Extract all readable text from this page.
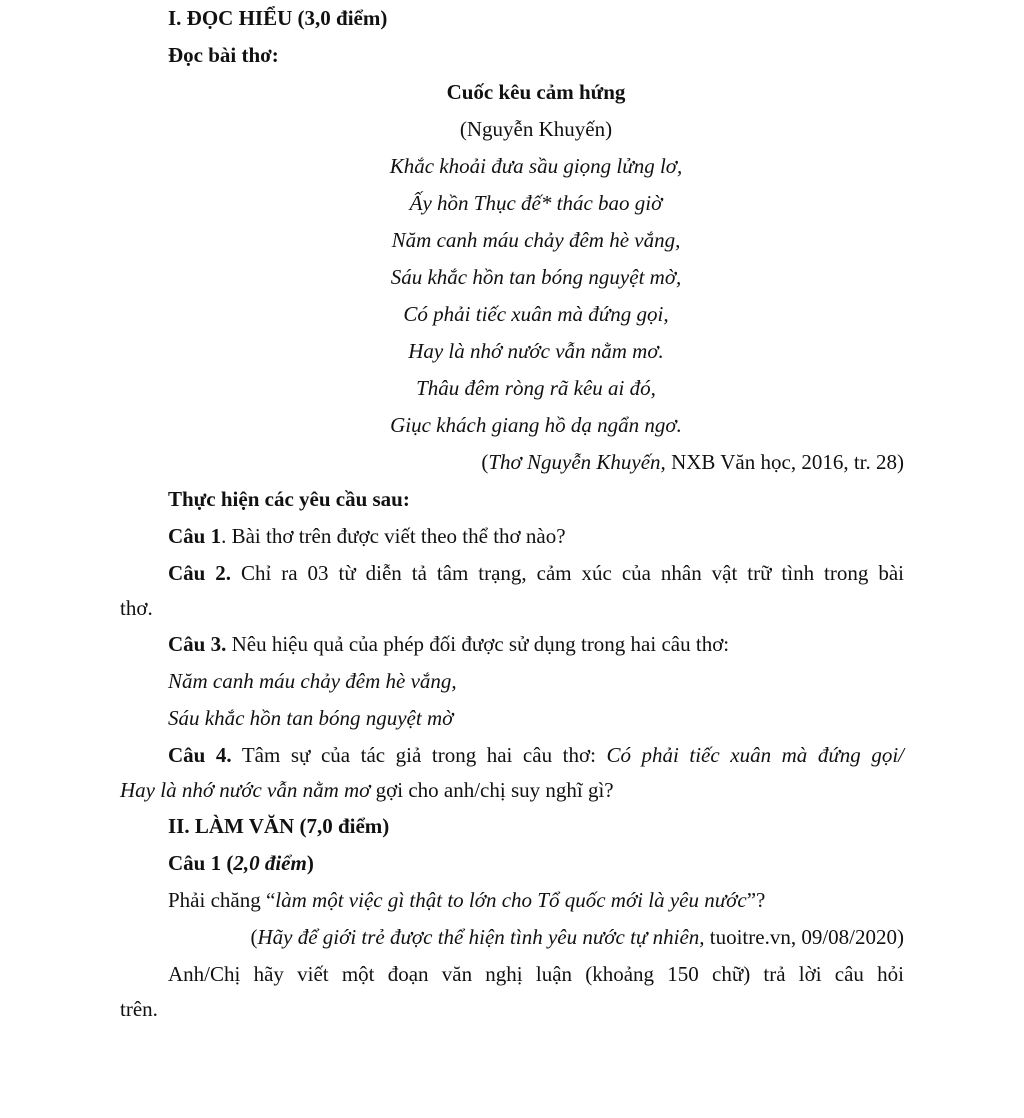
I. ĐỌC HIỂU (3,0 điểm)
Đọc bài thơ:
Cuốc kêu cảm hứng
(Nguyễn Khuyến)
Khắc khoải đưa sầu giọng lửng lơ,
Ấy hồn Thục đế* thác bao giờ
Năm canh máu chảy đêm hè vắng,
Sáu khắc hồn tan bóng nguyệt mờ,
Có phải tiếc xuân mà đứng gọi,
Hay là nhớ nước vẫn nằm mơ.
Thâu đêm ròng rã kêu ai đó,
Giục khách giang hồ dạ ngẩn ngơ.
(Thơ Nguyễn Khuyến, NXB Văn học, 2016, tr. 28)
Thực hiện các yêu cầu sau:
Câu 1. Bài thơ trên được viết theo thể thơ nào?
Câu 2. Chỉ ra 03 từ diễn tả tâm trạng, cảm xúc của nhân vật trữ tình trong bài
thơ.
Câu 3. Nêu hiệu quả của phép đối được sử dụng trong hai câu thơ:
Năm canh máu chảy đêm hè vắng,
Sáu khắc hồn tan bóng nguyệt mờ
Câu 4. Tâm sự của tác giả trong hai câu thơ: Có phải tiếc xuân mà đứng gọi/
Hay là nhớ nước vẫn nằm mơ gợi cho anh/chị suy nghĩ gì?
II. LÀM VĂN (7,0 điểm)
Câu 1 (2,0 điểm)
Phải chăng “làm một việc gì thật to lớn cho Tổ quốc mới là yêu nước”?
(Hãy để giới trẻ được thể hiện tình yêu nước tự nhiên, tuoitre.vn, 09/08/2020)
Anh/Chị hãy viết một đoạn văn nghị luận (khoảng 150 chữ) trả lời câu hỏi
trên.
